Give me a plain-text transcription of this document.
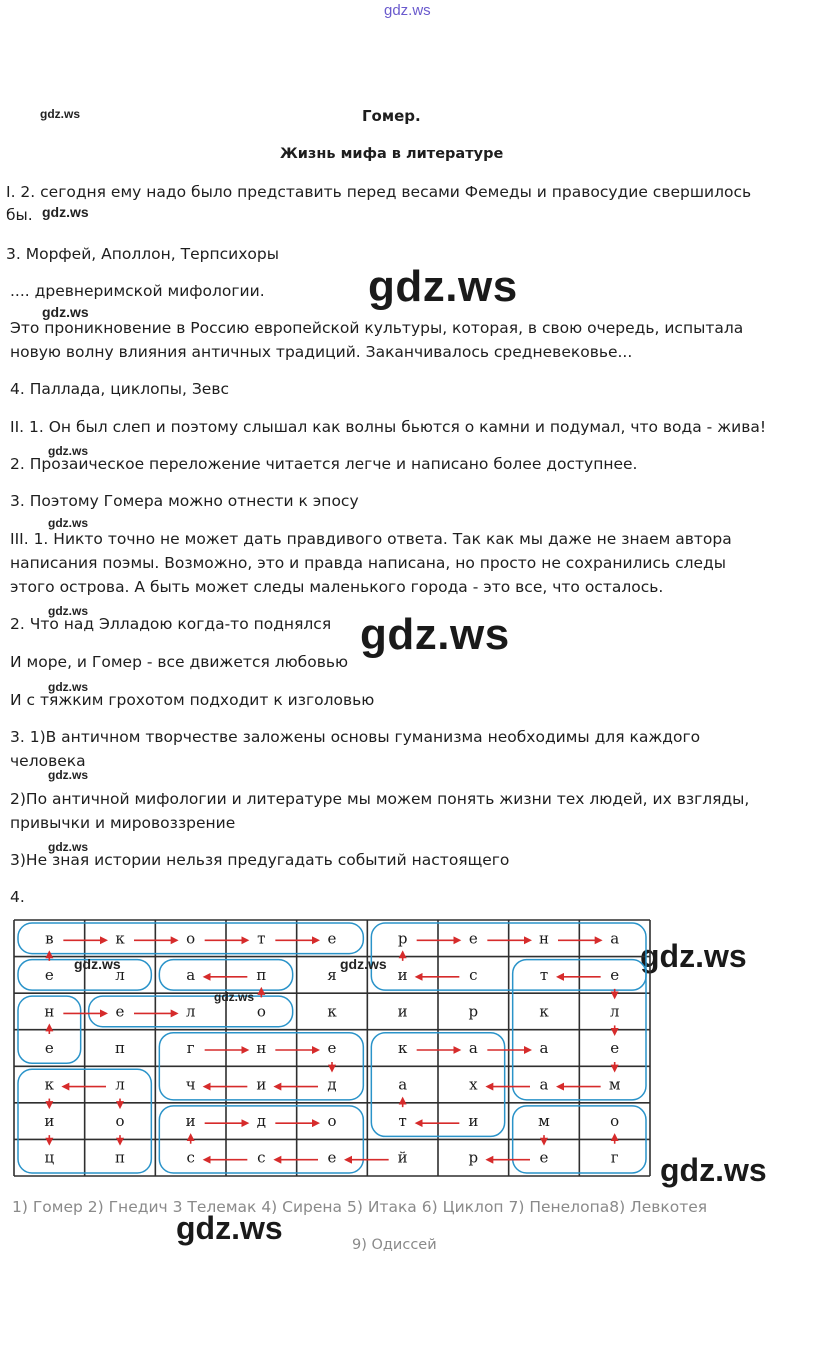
gdz.ws
gdz.ws
gdz.ws
gdz.ws
gdz.ws
gdz.ws
gdz.ws
gdz.ws
gdz.ws
gdz.ws
gdz.ws
gdz.ws
gdz.ws
gdz.ws
gdz.ws
Гомер.
Жизнь мифа в литературе
I. 2. сегодня ему надо было представить перед весами Фемеды и правосудие свершилось
бы.
3. Морфей, Аполлон, Терпсихоры
.... древнеримской мифологии.
Это проникновение в Россию европейской культуры, которая, в свою очередь, испытала
новую волну влияния античных традиций. Заканчивалось средневековье...
4. Паллада, циклопы, Зевс
II. 1. Он был слеп и поэтому слышал как волны бьются о камни и подумал, что вода - жива!
2. Прозаическое переложение читается легче и написано более доступнее.
3. Поэтому Гомера можно отнести к эпосу
III. 1. Никто точно не может дать правдивого ответа. Так как мы даже не знаем автора
написания поэмы. Возможно, это и правда написана, но просто не сохранились следы
этого острова. А быть может следы маленького города - это все, что осталось.
2. Что над Элладою когда-то поднялся
И море, и Гомер - все движется любовью
И с тяжким грохотом подходит к изголовью
3. 1)В античном творчестве заложены основы гуманизма необходимы для каждого
человека
2)По античной мифологии и литературе мы можем понять жизни тех людей, их взгляды,
привычки и мировоззрение
3)Не зная истории нельзя предугадать событий настоящего
4.
в	к	о	т	е	р	е	н	а
е	л	а	п	я	и	с	т	е
н	е	л	о	к	и	р	к	л
е	п	г	н	е	к	а	а	е
к	л	ч	и	д	а	х	а	м
и	о	и	д	о	т	и	м	о
ц	п	с	с	е	й	р	е	г
gdz.ws
gdz.ws
gdz.ws
1) Гомер 2) Гнедич 3 Телемак 4) Сирена 5) Итака 6) Циклоп 7) Пенелопа8) Левкотея
9) Одиссей
